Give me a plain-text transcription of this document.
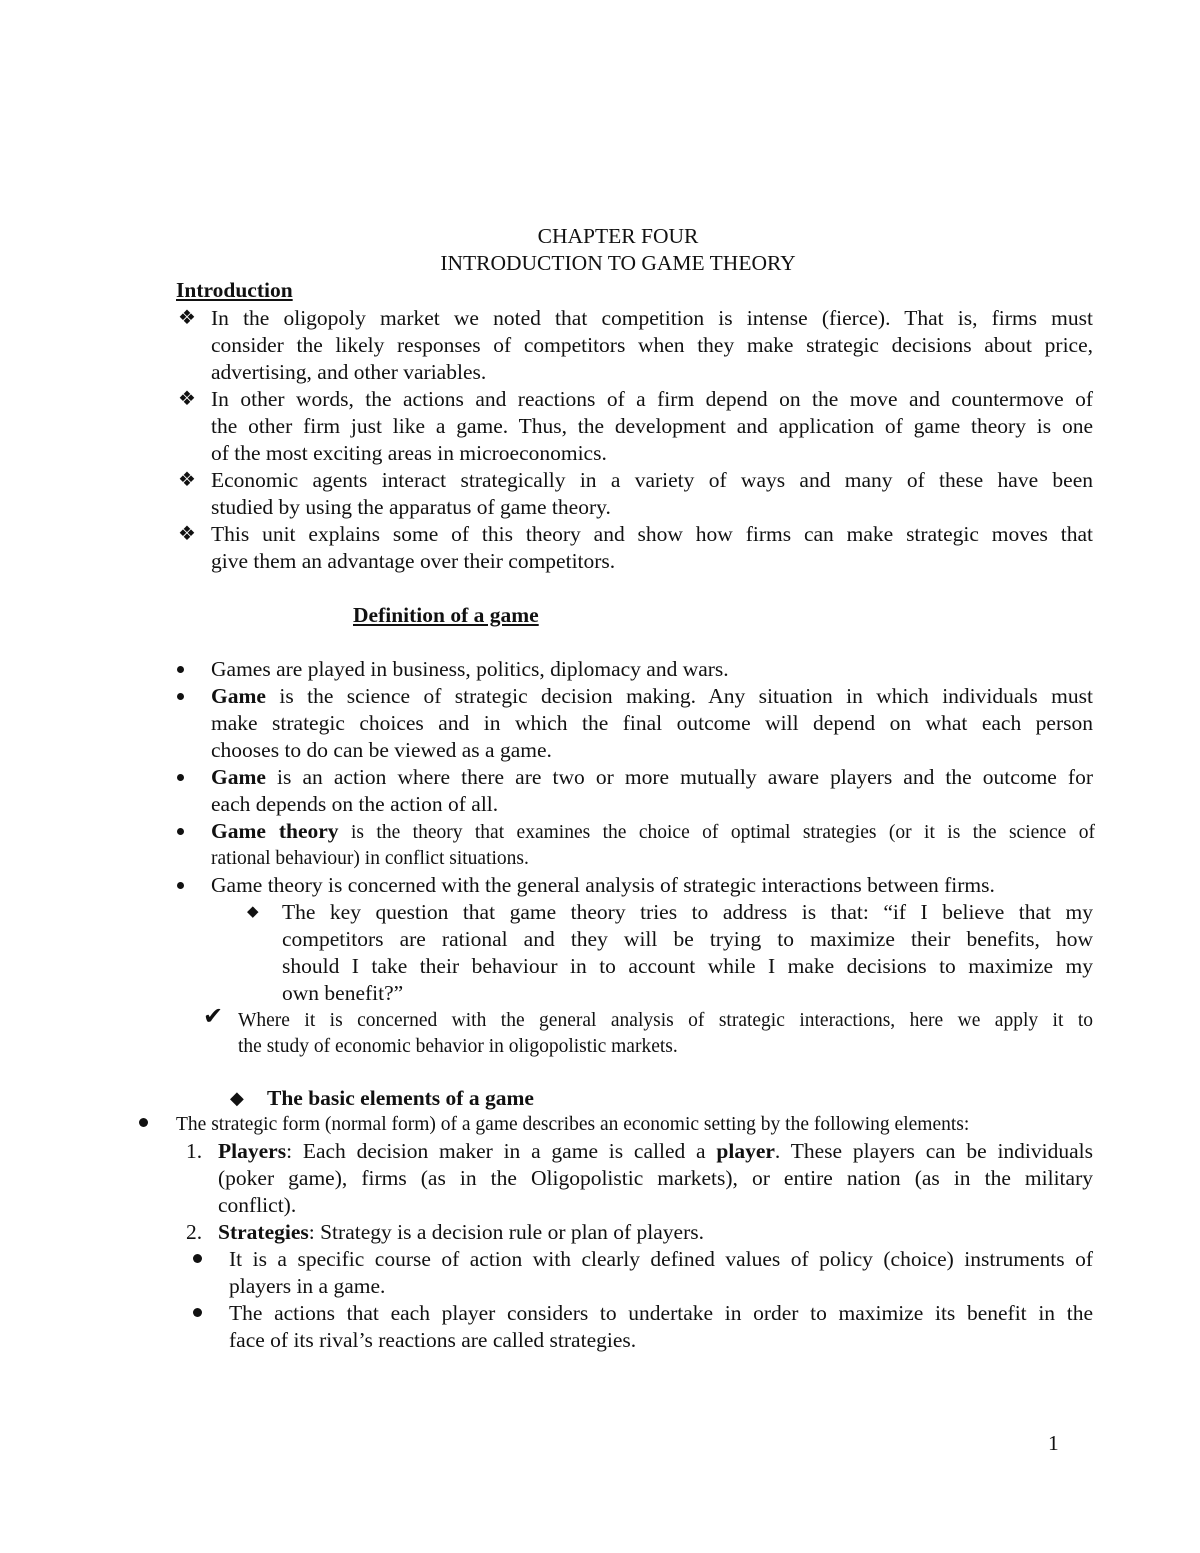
CHAPTER FOUR
INTRODUCTION TO GAME THEORY
Introduction
❖ In the oligopoly market we noted that competition is intense (fierce). That is, firms must
consider the likely responses of competitors when they make strategic decisions about price,
advertising, and other variables.
❖ In other words, the actions and reactions of a firm depend on the move and countermove of
the other firm just like a game. Thus, the development and application of game theory is one
of the most exciting areas in microeconomics.
❖ Economic agents interact strategically in a variety of ways and many of these have been
studied by using the apparatus of game theory.
❖ This unit explains some of this theory and show how firms can make strategic moves that
give them an advantage over their competitors.
Definition of a game
Games are played in business, politics, diplomacy and wars.
Game is the science of strategic decision making. Any situation in which individuals must
make strategic choices and in which the final outcome will depend on what each person
chooses to do can be viewed as a game.
Game is an action where there are two or more mutually aware players and the outcome for
each depends on the action of all.
Game theory is the theory that examines the choice of optimal strategies (or it is the science of
rational behaviour) in conflict situations.
Game theory is concerned with the general analysis of strategic interactions between firms.
◆ The key question that game theory tries to address is that: “if I believe that my
competitors are rational and they will be trying to maximize their benefits, how
should I take their behaviour in to account while I make decisions to maximize my
own benefit?”
✔ Where it is concerned with the general analysis of strategic interactions, here we apply it to
the study of economic behavior in oligopolistic markets.
◆ The basic elements of a game
The strategic form (normal form) of a game describes an economic setting by the following elements:
1. Players: Each decision maker in a game is called a player. These players can be individuals
(poker game), firms (as in the Oligopolistic markets), or entire nation (as in the military
conflict).
2. Strategies: Strategy is a decision rule or plan of players.
It is a specific course of action with clearly defined values of policy (choice) instruments of
players in a game.
The actions that each player considers to undertake in order to maximize its benefit in the
face of its rival’s reactions are called strategies.
1
